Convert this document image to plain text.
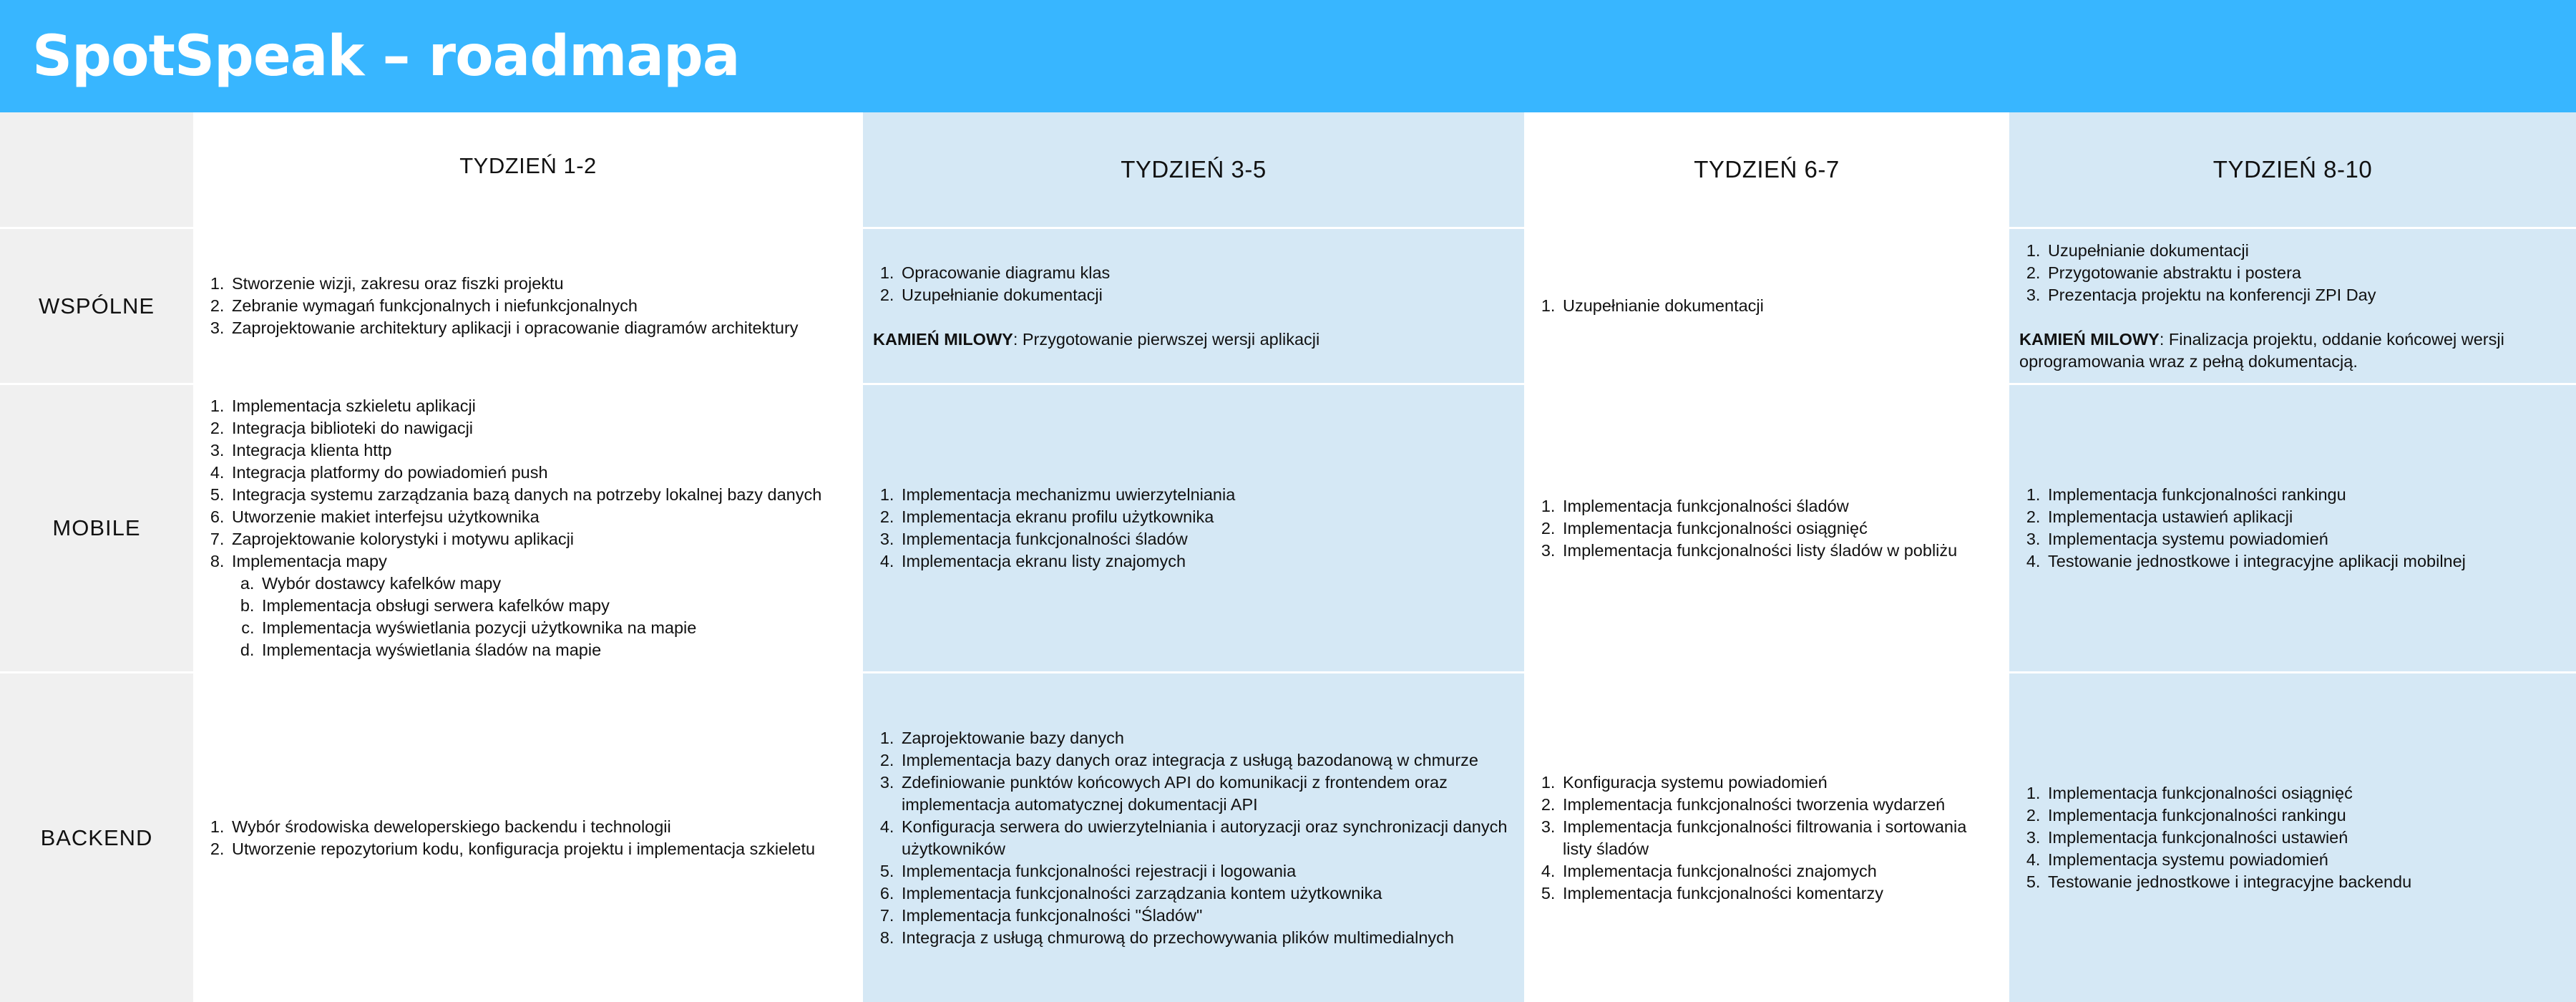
SpotSpeak – roadmapa
TYDZIEŃ 1-2	TYDZIEŃ 3-5	TYDZIEŃ 6-7	TYDZIEŃ 8-10
WSPÓLNE
1. Stworzenie wizji, zakresu oraz fiszki projektu
2. Zebranie wymagań funkcjonalnych i niefunkcjonalnych
3. Zaprojektowanie architektury aplikacji i opracowanie diagramów architektury
1. Opracowanie diagramu klas
2. Uzupełnianie dokumentacji
KAMIEŃ MILOWY: Przygotowanie pierwszej wersji aplikacji
1. Uzupełnianie dokumentacji
1. Uzupełnianie dokumentacji
2. Przygotowanie abstraktu i postera
3. Prezentacja projektu na konferencji ZPI Day
KAMIEŃ MILOWY: Finalizacja projektu, oddanie końcowej wersji oprogramowania wraz z pełną dokumentacją.
MOBILE
1. Implementacja szkieletu aplikacji
2. Integracja biblioteki do nawigacji
3. Integracja klienta http
4. Integracja platformy do powiadomień push
5. Integracja systemu zarządzania bazą danych na potrzeby lokalnej bazy danych
6. Utworzenie makiet interfejsu użytkownika
7. Zaprojektowanie kolorystyki i motywu aplikacji
8. Implementacja mapy
a. Wybór dostawcy kafelków mapy
b. Implementacja obsługi serwera kafelków mapy
c. Implementacja wyświetlania pozycji użytkownika na mapie
d. Implementacja wyświetlania śladów na mapie
1. Implementacja mechanizmu uwierzytelniania
2. Implementacja ekranu profilu użytkownika
3. Implementacja funkcjonalności śladów
4. Implementacja ekranu listy znajomych
1. Implementacja funkcjonalności śladów
2. Implementacja funkcjonalności osiągnięć
3. Implementacja funkcjonalności listy śladów w pobliżu
1. Implementacja funkcjonalności rankingu
2. Implementacja ustawień aplikacji
3. Implementacja systemu powiadomień
4. Testowanie jednostkowe i integracyjne aplikacji mobilnej
BACKEND
1.	Wybór środowiska deweloperskiego backendu i technologii
2. Utworzenie repozytorium kodu, konfiguracja projektu i implementacja szkieletu
1. Zaprojektowanie bazy danych
2. Implementacja bazy danych oraz integracja z usługą bazodanową w chmurze
3. Zdefiniowanie punktów końcowych API do komunikacji z frontendem oraz implementacja automatycznej dokumentacji API
4. Konfiguracja serwera do uwierzytelniania i autoryzacji oraz synchronizacji danych użytkowników
5. Implementacja funkcjonalności rejestracji i logowania
6. Implementacja funkcjonalności zarządzania kontem użytkownika
7. Implementacja funkcjonalności "Śladów"
8. Integracja z usługą chmurową do przechowywania plików multimedialnych
1. Konfiguracja systemu powiadomień
2. Implementacja funkcjonalności tworzenia wydarzeń
3. Implementacja funkcjonalności filtrowania i sortowania listy śladów
4. Implementacja funkcjonalności znajomych
5. Implementacja funkcjonalności komentarzy
1. Implementacja funkcjonalności osiągnięć
2. Implementacja funkcjonalności rankingu
3. Implementacja funkcjonalności ustawień
4. Implementacja systemu powiadomień
5. Testowanie jednostkowe i integracyjne backendu
